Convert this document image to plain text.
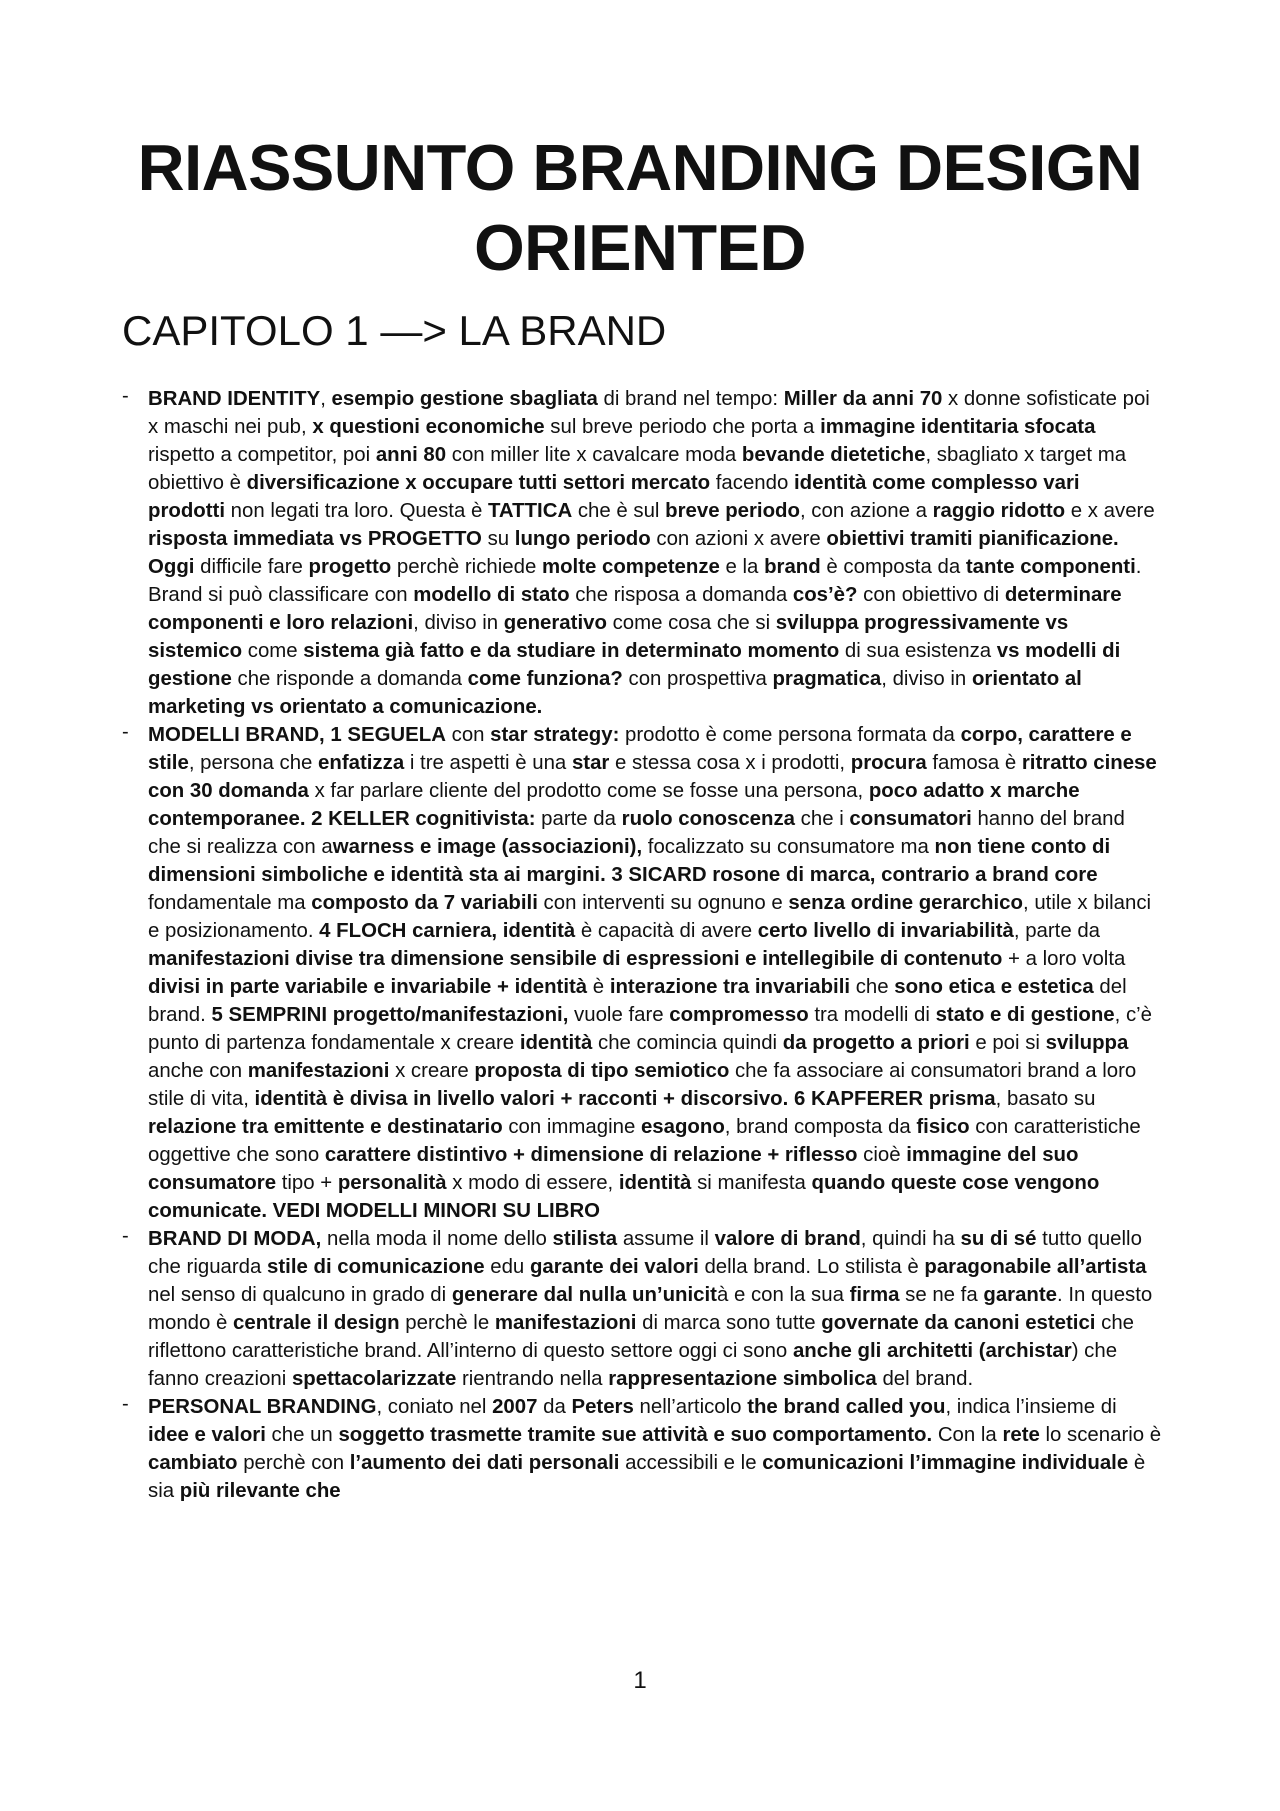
RIASSUNTO BRANDING DESIGN ORIENTED
CAPITOLO 1 —> LA BRAND
- BRAND IDENTITY, esempio gestione sbagliata di brand nel tempo: Miller da anni 70 x donne sofisticate poi x maschi nei pub, x questioni economiche sul breve periodo che porta a immagine identitaria sfocata rispetto a competitor, poi anni 80 con miller lite x cavalcare moda bevande dietetiche, sbagliato x target ma obiettivo è diversificazione x occupare tutti settori mercato facendo identità come complesso vari prodotti non legati tra loro. Questa è TATTICA che è sul breve periodo, con azione a raggio ridotto e x avere risposta immediata vs PROGETTO su lungo periodo con azioni x avere obiettivi tramiti pianificazione. Oggi difficile fare progetto perchè richiede molte competenze e la brand è composta da tante componenti. Brand si può classificare con modello di stato che risposa a domanda cos’è? con obiettivo di determinare componenti e loro relazioni, diviso in generativo come cosa che si sviluppa progressivamente vs sistemico come sistema già fatto e da studiare in determinato momento di sua esistenza vs modelli di gestione che risponde a domanda come funziona? con prospettiva pragmatica, diviso in orientato al marketing vs orientato a comunicazione.
- MODELLI BRAND, 1 SEGUELA con star strategy: prodotto è come persona formata da corpo, carattere e stile, persona che enfatizza i tre aspetti è una star e stessa cosa x i prodotti, procura famosa è ritratto cinese con 30 domanda x far parlare cliente del prodotto come se fosse una persona, poco adatto x marche contemporanee. 2 KELLER cognitivista: parte da ruolo conoscenza che i consumatori hanno del brand che si realizza con awarness e image (associazioni), focalizzato su consumatore ma non tiene conto di dimensioni simboliche e identità sta ai margini. 3 SICARD rosone di marca, contrario a brand core fondamentale ma composto da 7 variabili con interventi su ognuno e senza ordine gerarchico, utile x bilanci e posizionamento. 4 FLOCH carniera, identità è capacità di avere certo livello di invariabilità, parte da manifestazioni divise tra dimensione sensibile di espressioni e intellegibile di contenuto + a loro volta divisi in parte variabile e invariabile + identità è interazione tra invariabili che sono etica e estetica del brand. 5 SEMPRINI progetto/manifestazioni, vuole fare compromesso tra modelli di stato e di gestione, c’è punto di partenza fondamentale x creare identità che comincia quindi da progetto a priori e poi si sviluppa anche con manifestazioni x creare proposta di tipo semiotico che fa associare ai consumatori brand a loro stile di vita, identità è divisa in livello valori + racconti + discorsivo. 6 KAPFERER prisma, basato su relazione tra emittente e destinatario con immagine esagono, brand composta da fisico con caratteristiche oggettive che sono carattere distintivo + dimensione di relazione + riflesso cioè immagine del suo consumatore tipo + personalità x modo di essere, identità si manifesta quando queste cose vengono comunicate. VEDI MODELLI MINORI SU LIBRO
- BRAND DI MODA, nella moda il nome dello stilista assume il valore di brand, quindi ha su di sé tutto quello che riguarda stile di comunicazione edu garante dei valori della brand. Lo stilista è paragonabile all’artista nel senso di qualcuno in grado di generare dal nulla un’unicità e con la sua firma se ne fa garante. In questo mondo è centrale il design perchè le manifestazioni di marca sono tutte governate da canoni estetici che riflettono caratteristiche brand. All’interno di questo settore oggi ci sono anche gli architetti (archistar) che fanno creazioni spettacolarizzate rientrando nella rappresentazione simbolica del brand.
- PERSONAL BRANDING, coniato nel 2007 da Peters nell’articolo the brand called you, indica l’insieme di idee e valori che un soggetto trasmette tramite sue attività e suo comportamento. Con la rete lo scenario è cambiato perchè con l’aumento dei dati personali accessibili e le comunicazioni l’immagine individuale è sia più rilevante che
1
